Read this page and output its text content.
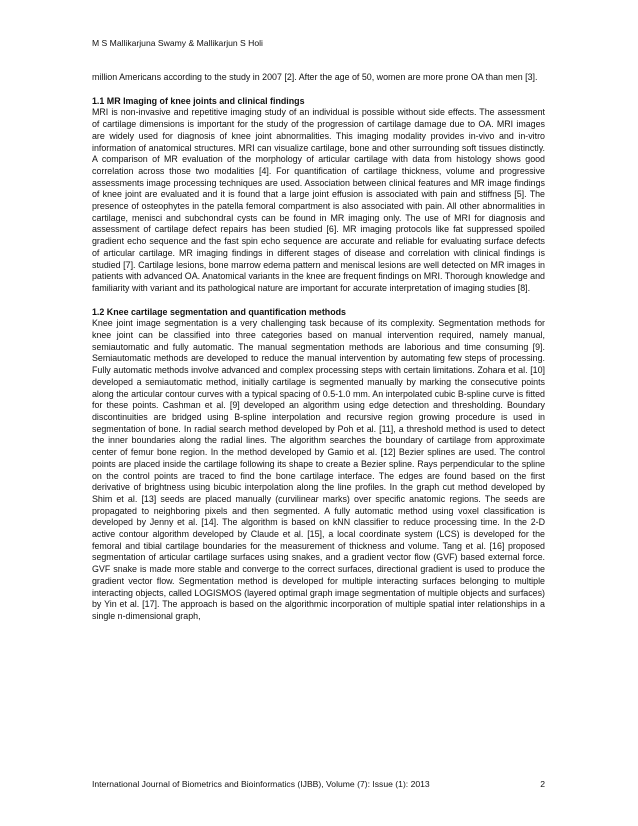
M S Mallikarjuna Swamy & Mallikarjun S Holi

million Americans according to the study in 2007 [2]. After the age of 50, women are more prone OA than men [3].

1.1 MR Imaging of knee joints and clinical findings

MRI is non-invasive and repetitive imaging study of an individual is possible without side effects. The assessment of cartilage dimensions is important for the study of the progression of cartilage damage due to OA. MRI images are widely used for diagnosis of knee joint abnormalities. This imaging modality provides in-vivo and in-vitro information of anatomical structures. MRI can visualize cartilage, bone and other surrounding soft tissues distinctly. A comparison of MR evaluation of the morphology of articular cartilage with data from histology shows good correlation across those two modalities [4]. For quantification of cartilage thickness, volume and progressive assessments image processing techniques are used. Association between clinical features and MR image findings of knee joint are evaluated and it is found that a large joint effusion is associated with pain and stiffness [5]. The presence of osteophytes in the patella femoral compartment is also associated with pain. All other abnormalities in cartilage, menisci and subchondral cysts can be found in MR imaging only. The use of MRI for diagnosis and assessment of cartilage defect repairs has been studied [6]. MR imaging protocols like fat suppressed spoiled gradient echo sequence and the fast spin echo sequence are accurate and reliable for evaluating surface defects of articular cartilage. MR imaging findings in different stages of disease and correlation with clinical findings is studied [7]. Cartilage lesions, bone marrow edema pattern and meniscal lesions are well detected on MR images in patients with advanced OA. Anatomical variants in the knee are frequent findings on MRI. Thorough knowledge and familiarity with variant and its pathological nature are important for accurate interpretation of imaging studies [8].

1.2 Knee cartilage segmentation and quantification methods

Knee joint image segmentation is a very challenging task because of its complexity. Segmentation methods for knee joint can be classified into three categories based on manual intervention required, namely manual, semiautomatic and fully automatic. The manual segmentation methods are laborious and time consuming [9]. Semiautomatic methods are developed to reduce the manual intervention by automating few steps of processing. Fully automatic methods involve advanced and complex processing steps with certain limitations. Zohara et al. [10] developed a semiautomatic method, initially cartilage is segmented manually by marking the consecutive points along the articular contour curves with a typical spacing of 0.5-1.0 mm. An interpolated cubic B-spline curve is fitted for these points. Cashman et al. [9] developed an algorithm using edge detection and thresholding. Boundary discontinuities are bridged using B-spline interpolation and recursive region growing procedure is used in segmentation of bone. In radial search method developed by Poh et al. [11], a threshold method is used to detect the inner boundaries along the radial lines. The algorithm searches the boundary of cartilage from approximate center of femur bone region. In the method developed by Gamio et al. [12] Bezier splines are used. The control points are placed inside the cartilage following its shape to create a Bezier spline. Rays perpendicular to the spline on the control points are traced to find the bone cartilage interface. The edges are found based on the first derivative of brightness using bicubic interpolation along the line profiles. In the graph cut method developed by Shim et al. [13] seeds are placed manually (curvilinear marks) over specific anatomic regions. The seeds are propagated to neighboring pixels and then segmented. A fully automatic method using voxel classification is developed by Jenny et al. [14]. The algorithm is based on kNN classifier to reduce processing time. In the 2-D active contour algorithm developed by Claude et al. [15], a local coordinate system (LCS) is developed for the femoral and tibial cartilage boundaries for the measurement of thickness and volume. Tang et al. [16] proposed segmentation of articular cartilage surfaces using snakes, and a gradient vector flow (GVF) based external force. GVF snake is made more stable and converge to the correct surfaces, directional gradient is used to produce the gradient vector flow. Segmentation method is developed for multiple interacting surfaces belonging to multiple interacting objects, called LOGISMOS (layered optimal graph image segmentation of multiple objects and surfaces) by Yin et al. [17]. The approach is based on the algorithmic incorporation of multiple spatial inter relationships in a single n-dimensional graph,

International Journal of Biometrics and Bioinformatics (IJBB), Volume (7): Issue (1): 2013	2
